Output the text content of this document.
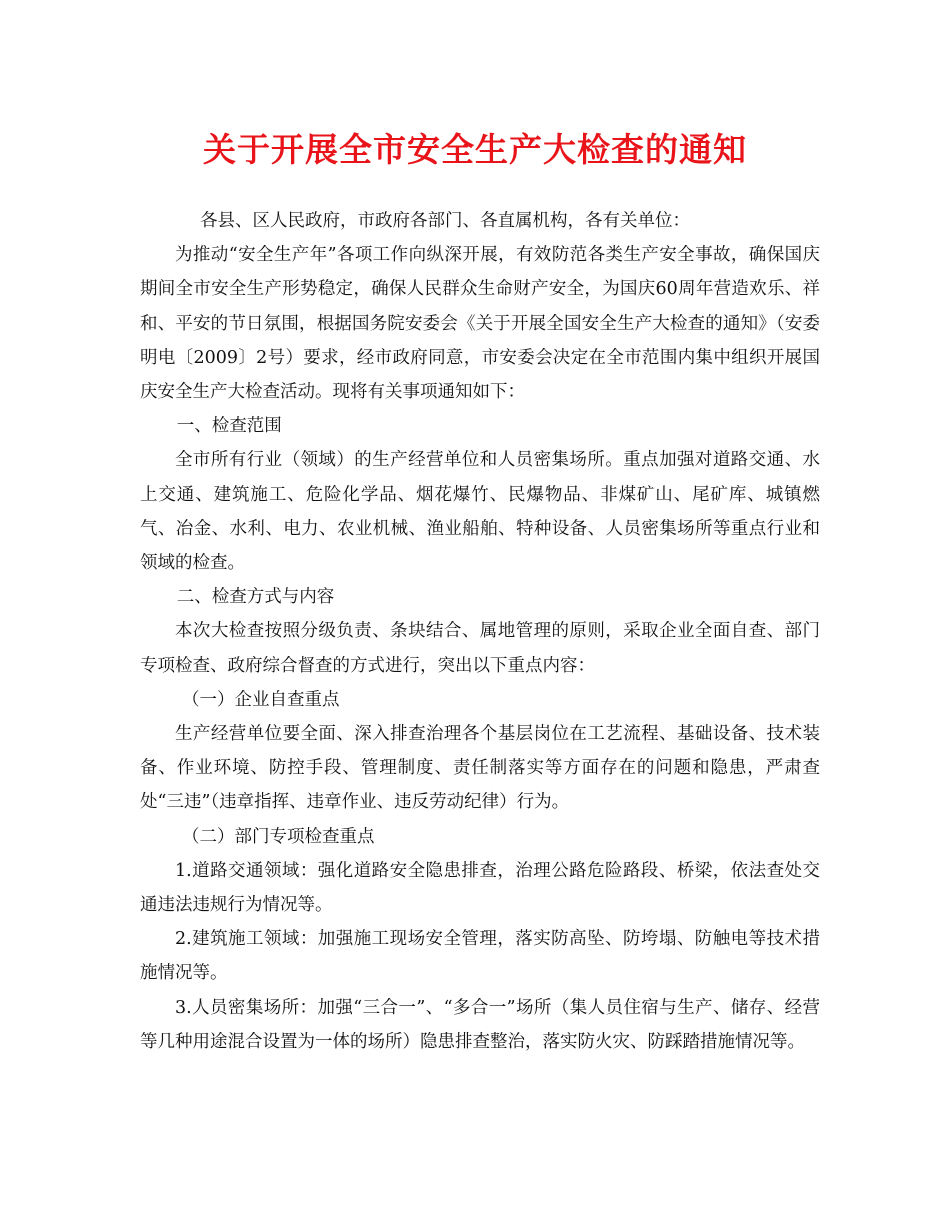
关于开展全市安全生产大检查的通知

各县、区人民政府，市政府各部门、各直属机构，各有关单位：

为推动“安全生产年”各项工作向纵深开展，有效防范各类生产安全事故，确保国庆期间全市安全生产形势稳定，确保人民群众生命财产安全，为国庆60周年营造欢乐、祥和、平安的节日氛围，根据国务院安委会《关于开展全国安全生产大检查的通知》（安委明电〔2009〕2号）要求，经市政府同意，市安委会决定在全市范围内集中组织开展国庆安全生产大检查活动。现将有关事项通知如下：

一、检查范围

全市所有行业（领域）的生产经营单位和人员密集场所。重点加强对道路交通、水上交通、建筑施工、危险化学品、烟花爆竹、民爆物品、非煤矿山、尾矿库、城镇燃气、冶金、水利、电力、农业机械、渔业船舶、特种设备、人员密集场所等重点行业和领域的检查。

二、检查方式与内容

本次大检查按照分级负责、条块结合、属地管理的原则，采取企业全面自查、部门专项检查、政府综合督查的方式进行，突出以下重点内容：

（一）企业自查重点

生产经营单位要全面、深入排查治理各个基层岗位在工艺流程、基础设备、技术装备、作业环境、防控手段、管理制度、责任制落实等方面存在的问题和隐患，严肃查处“三违”（违章指挥、违章作业、违反劳动纪律）行为。

（二）部门专项检查重点

1.道路交通领域：强化道路安全隐患排查，治理公路危险路段、桥梁，依法查处交通违法违规行为情况等。

2.建筑施工领域：加强施工现场安全管理，落实防高坠、防垮塌、防触电等技术措施情况等。

3.人员密集场所：加强“三合一”、“多合一”场所（集人员住宿与生产、储存、经营等几种用途混合设置为一体的场所）隐患排查整治，落实防火灾、防踩踏措施情况等。
